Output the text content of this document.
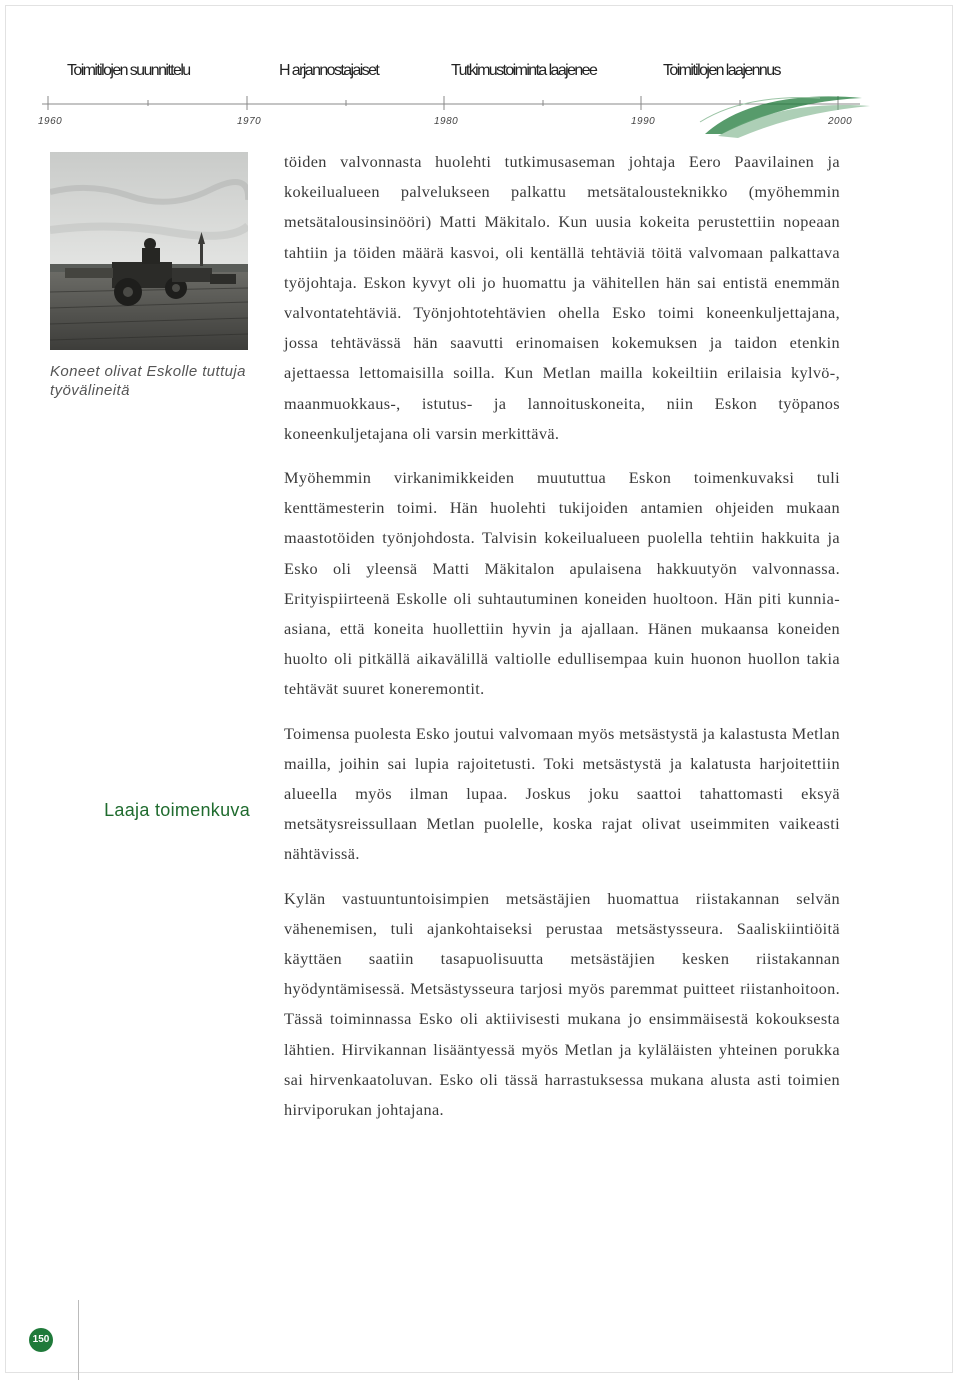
Toimitilojen suunnittelu	H arjannostajaiset	Tutkimustoiminta laajenee	Toimitilojen laajennus
1960	1970	1980	1990	2000
Koneet olivat Eskolle tuttuja työvälineitä
Laaja toimenkuva

töiden valvonnasta huolehti tutkimusaseman johtaja Eero Paavilainen ja kokeilualueen palvelukseen palkattu metsätalousteknikko (myöhemmin metsätalousinsinööri) Matti Mäkitalo. Kun uusia kokeita perustettiin nopeaan tahtiin ja töiden määrä kasvoi, oli kentällä tehtäviä töitä valvomaan palkattava työjohtaja. Eskon kyvyt oli jo huomattu ja vähitellen hän sai entistä enemmän valvontatehtäviä. Työnjohtotehtävien ohella Esko toimi koneenkuljettajana, jossa tehtävässä hän saavutti erinomaisen kokemuksen ja taidon etenkin ajettaessa lettomaisilla soilla. Kun Metlan mailla kokeiltiin erilaisia kylvö-, maanmuokkaus-, istutus- ja lannoituskoneita, niin Eskon työpanos koneenkuljetajana oli varsin merkittävä.

Myöhemmin virkanimikkeiden muututtua Eskon toimenkuvaksi tuli kenttämesterin toimi. Hän huolehti tukijoiden antamien ohjeiden mukaan maastotöiden työnjohdosta. Talvisin kokeilualueen puolella tehtiin hakkuita ja Esko oli yleensä Matti Mäkitalon apulaisena hakkuutyön valvonnassa. Erityispiirteenä Eskolle oli suhtautuminen koneiden huoltoon. Hän piti kunnia-asiana, että koneita huollettiin hyvin ja ajallaan. Hänen mukaansa koneiden huolto oli pitkällä aikavälillä valtiolle edullisempaa kuin huonon huollon takia tehtävät suuret koneremontit.

Toimensa puolesta Esko joutui valvomaan myös metsästystä ja kalastusta Metlan mailla, joihin sai lupia rajoitetusti. Toki metsästystä ja kalatusta harjoitettiin alueella myös ilman lupaa. Joskus joku saattoi tahattomasti eksyä metsätysreissullaan Metlan puolelle, koska rajat olivat useimmiten vaikeasti nähtävissä.

Kylän vastuuntuntoisimpien metsästäjien huomattua riistakannan selvän vähenemisen, tuli ajankohtaiseksi perustaa metsästysseura. Saaliskiintiöitä käyttäen saatiin tasapuolisuutta metsästäjien kesken riistakannan hyödyntämisessä. Metsästysseura tarjosi myös paremmat puitteet riistanhoitoon. Tässä toiminnassa Esko oli aktiivisesti mukana jo ensimmäisestä kokouksesta lähtien. Hirvikannan lisääntyessä myös Metlan ja kyläläisten yhteinen porukka sai hirvenkaatoluvan. Esko oli tässä harrastuksessa mukana alusta asti toimien hirviporukan johtajana.

150
